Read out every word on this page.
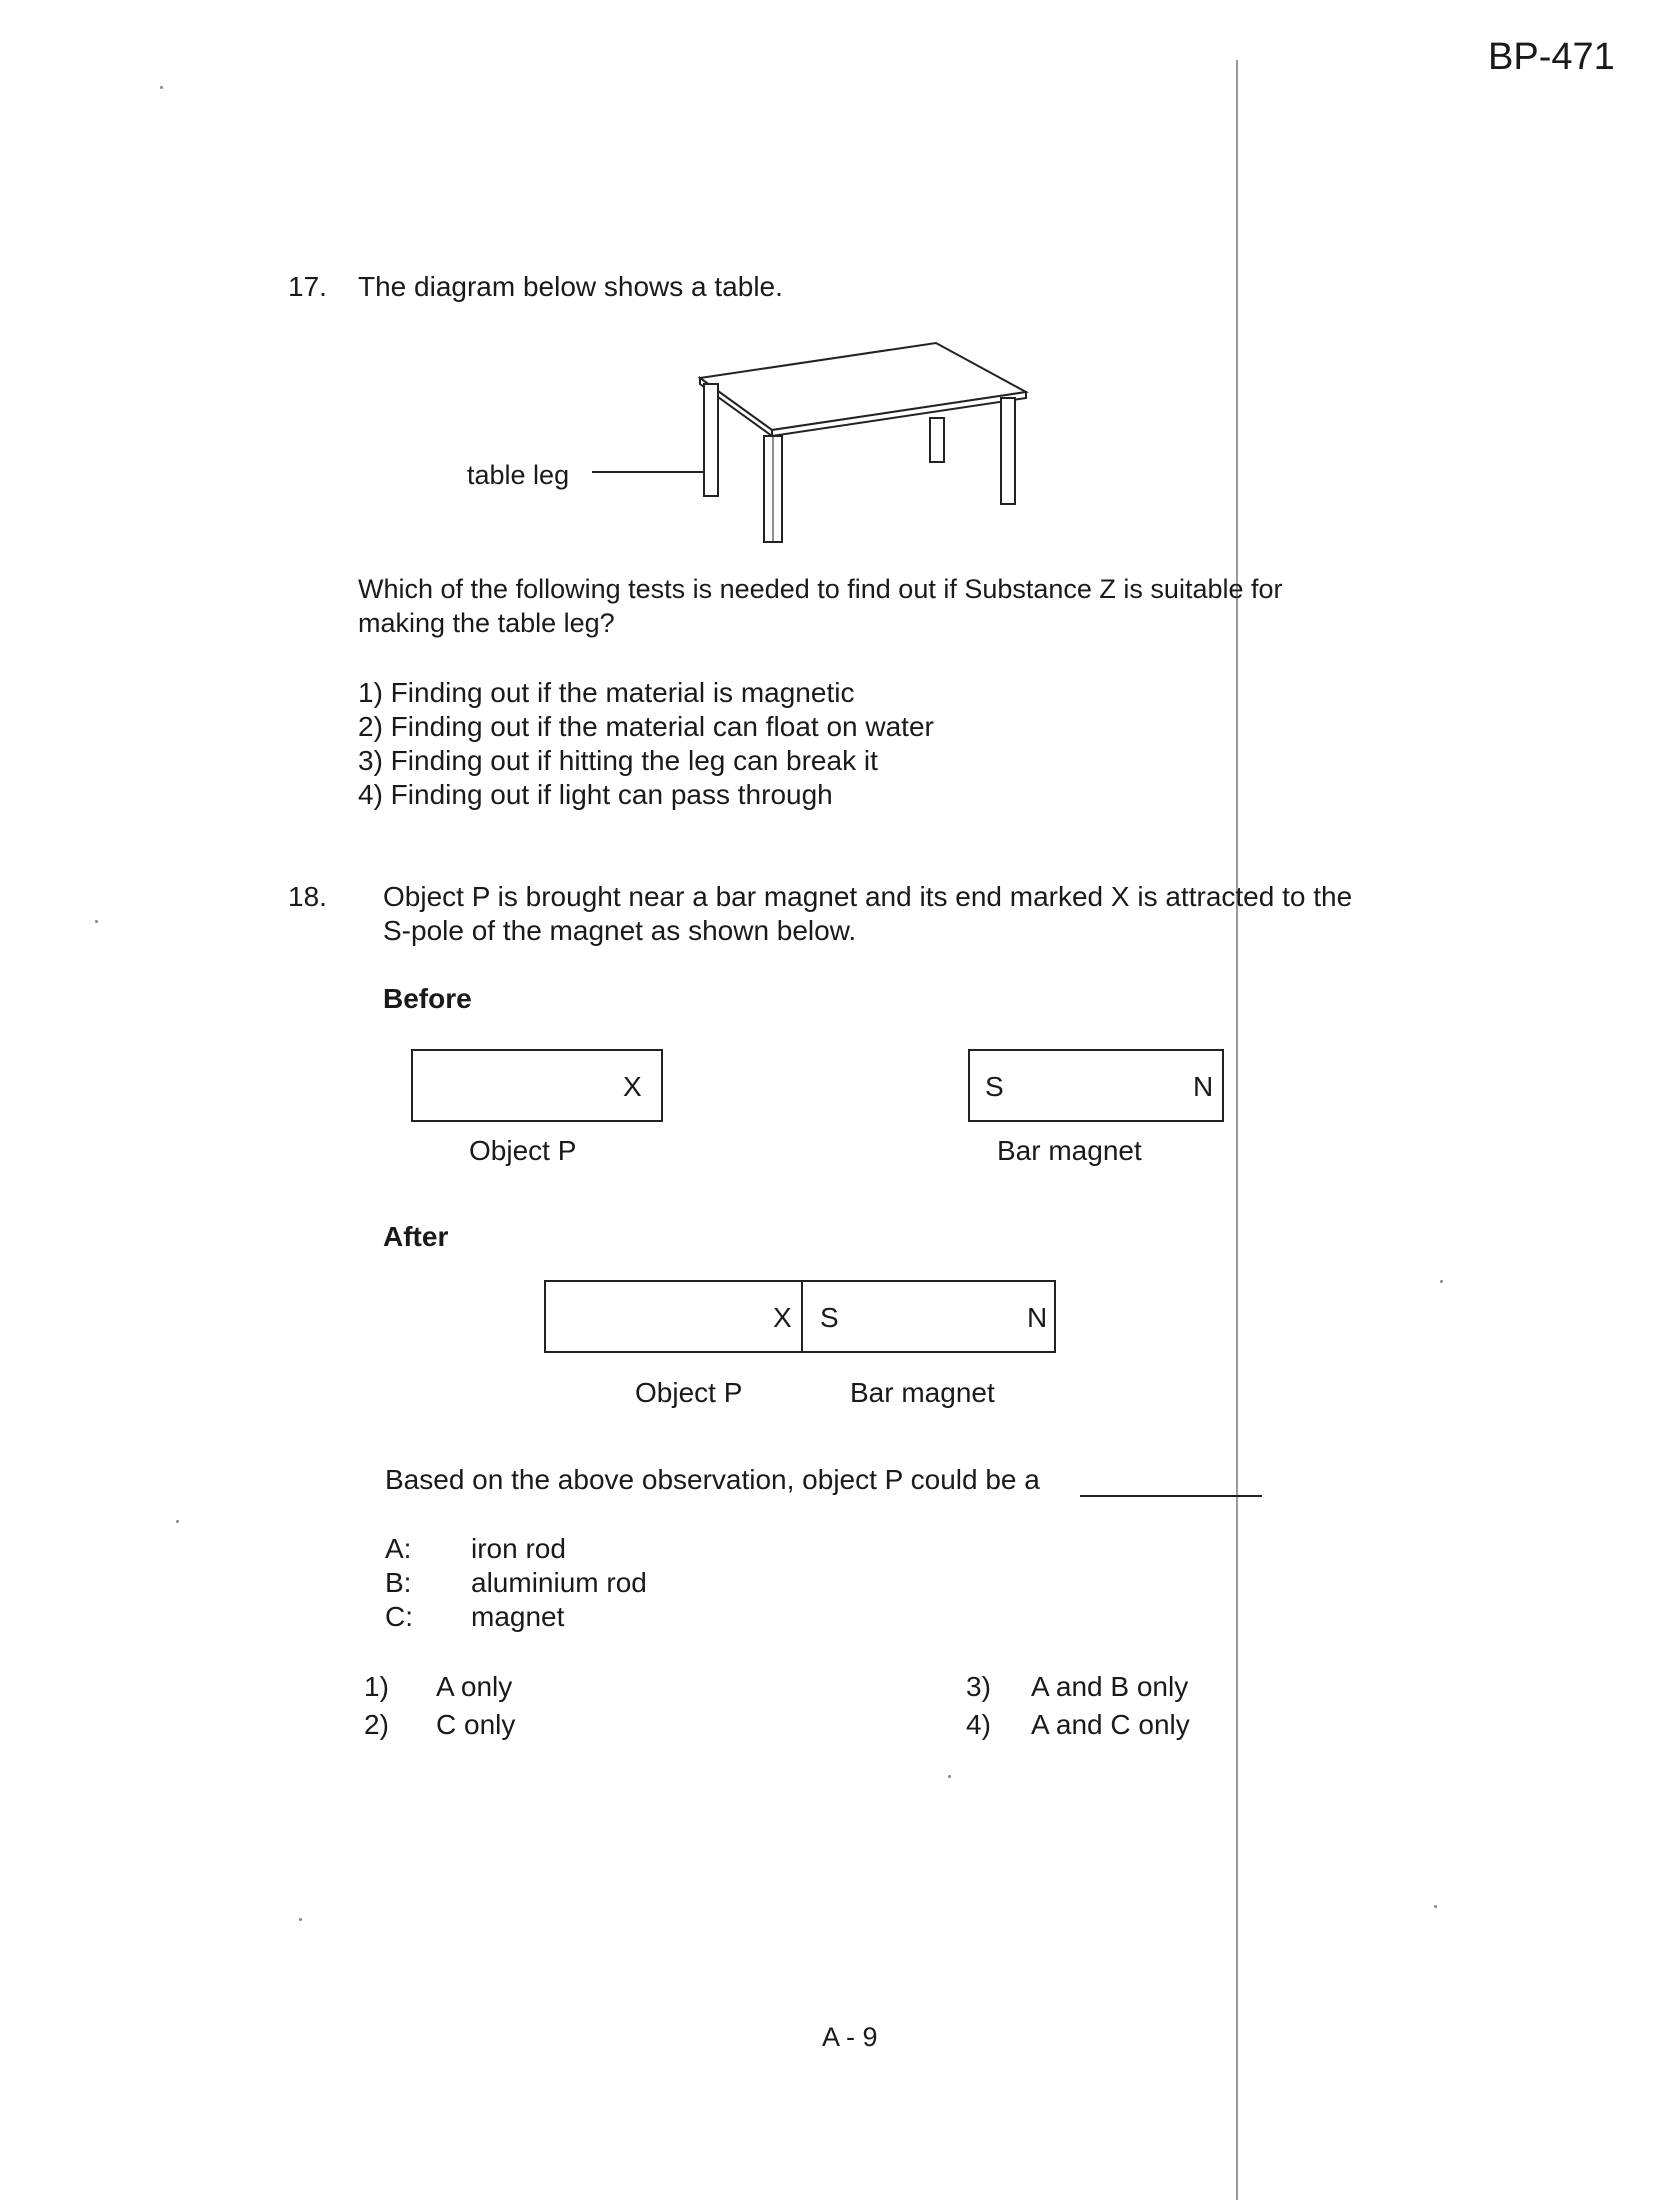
BP-471
17. The diagram below shows a table.
table leg
Which of the following tests is needed to find out if Substance Z is suitable for
making the table leg?
1) Finding out if the material is magnetic
2) Finding out if the material can float on water
3) Finding out if hitting the leg can break it
4) Finding out if light can pass through
18. Object P is brought near a bar magnet and its end marked X is attracted to the
S-pole of the magnet as shown below.
Before
X
Object P
S	N
Bar magnet
After
X S	N
Object P	Bar magnet
Based on the above observation, object P could be a
A: iron rod
B: aluminium rod
C: magnet
1) A only
2) C only
3) A and B only
4) A and C only
A - 9
